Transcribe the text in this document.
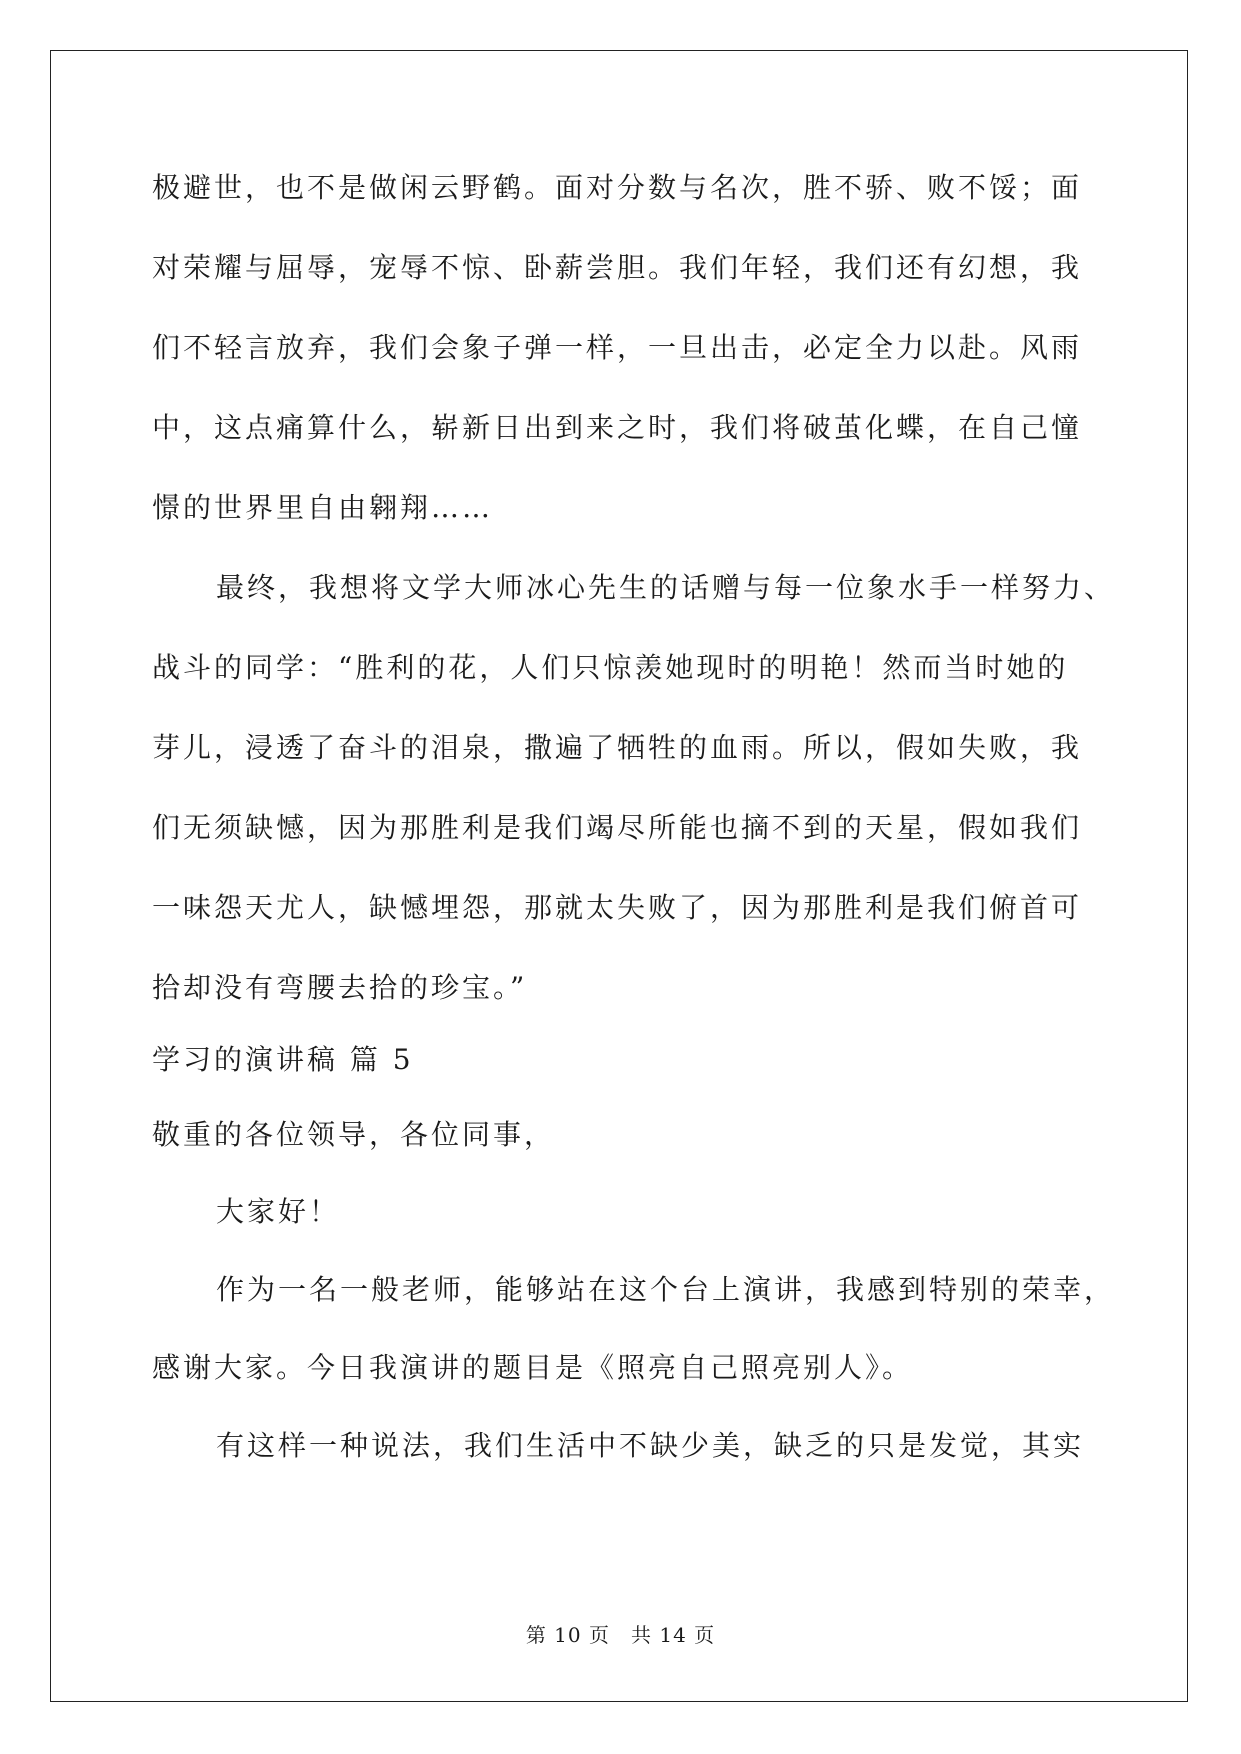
极避世，也不是做闲云野鹤。面对分数与名次，胜不骄、败不馁；面
对荣耀与屈辱，宠辱不惊、卧薪尝胆。我们年轻，我们还有幻想，我
们不轻言放弃，我们会象子弹一样，一旦出击，必定全力以赴。风雨
中，这点痛算什么，崭新日出到来之时，我们将破茧化蝶，在自己憧
憬的世界里自由翱翔……
最终，我想将文学大师冰心先生的话赠与每一位象水手一样努力、
战斗的同学：“胜利的花，人们只惊羡她现时的明艳！然而当时她的
芽儿，浸透了奋斗的泪泉，撒遍了牺牲的血雨。所以，假如失败，我
们无须缺憾，因为那胜利是我们竭尽所能也摘不到的天星，假如我们
一味怨天尤人，缺憾埋怨，那就太失败了，因为那胜利是我们俯首可
拾却没有弯腰去拾的珍宝。”
学习的演讲稿 篇 5
敬重的各位领导，各位同事，
大家好！
作为一名一般老师，能够站在这个台上演讲，我感到特别的荣幸，
感谢大家。今日我演讲的题目是《照亮自己照亮别人》。
有这样一种说法，我们生活中不缺少美，缺乏的只是发觉，其实
第 10 页　共 14 页
